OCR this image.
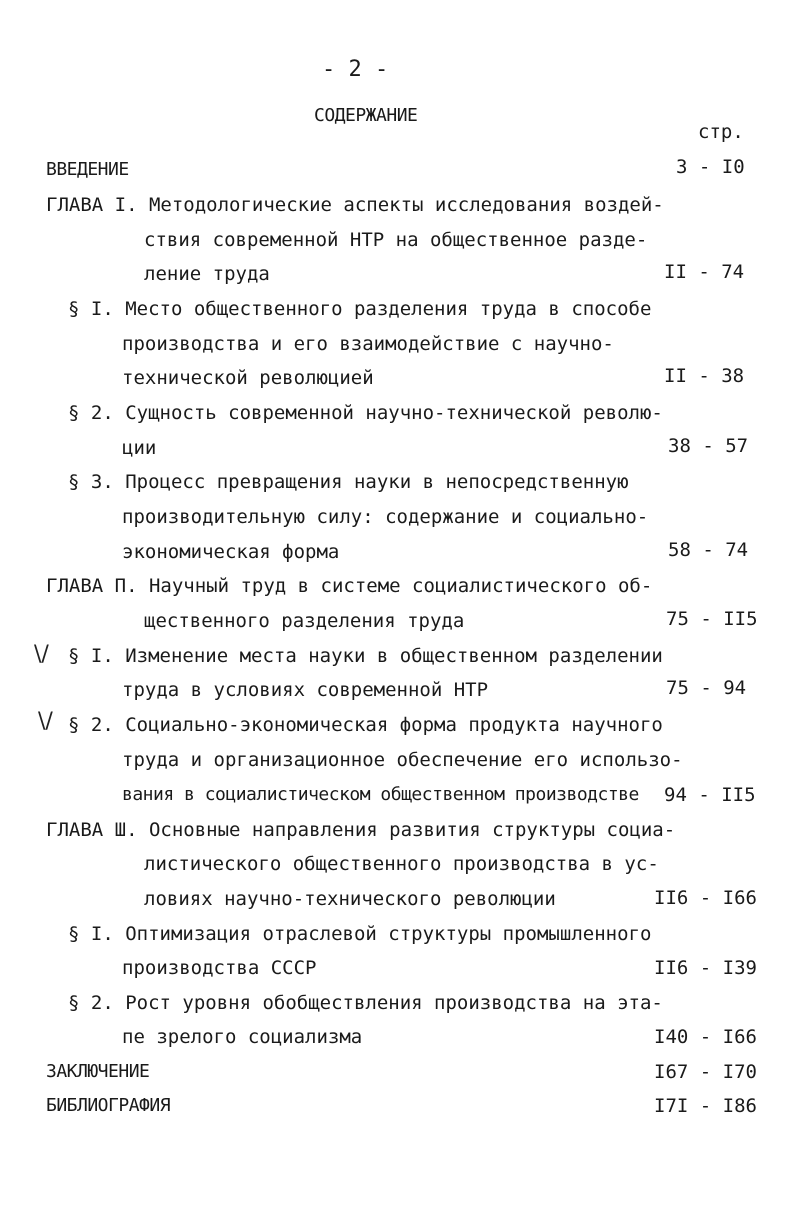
- 2 -
СОДЕРЖАНИЕ
стр.
ВВЕДЕНИЕ	3 - I0
ГЛАВА I. Методологические аспекты исследования воздей-
ствия современной НТР на общественное разде-
ление труда	II - 74
§ I. Место общественного разделения труда в способе
производства и его взаимодействие с научно-
технической революцией	II - 38
§ 2. Сущность современной научно-технической револю-
ции	38 - 57
§ 3. Процесс превращения науки в непосредственную
производительную силу: содержание и социально-
экономическая форма	58 - 74
ГЛАВА П. Научный труд в системе социалистического об-
щественного разделения труда	75 - II5
\/ § I. Изменение места науки в общественном разделении
труда в условиях современной НТР	75 - 94
\/ § 2. Социально-экономическая форма продукта научного
труда и организационное обеспечение его использо-
вания в социалистическом общественном производстве 94 - II5
ГЛАВА Ш. Основные направления развития структуры социа-
листического общественного производства в ус-
ловиях научно-технического революции	II6 - I66
§ I. Оптимизация отраслевой структуры промышленного
производства СССР	II6 - I39
§ 2. Рост уровня обобществления производства на эта-
пе зрелого социализма	I40 - I66
ЗАКЛЮЧЕНИЕ	I67 - I70
БИБЛИОГРАФИЯ	I7I - I86
